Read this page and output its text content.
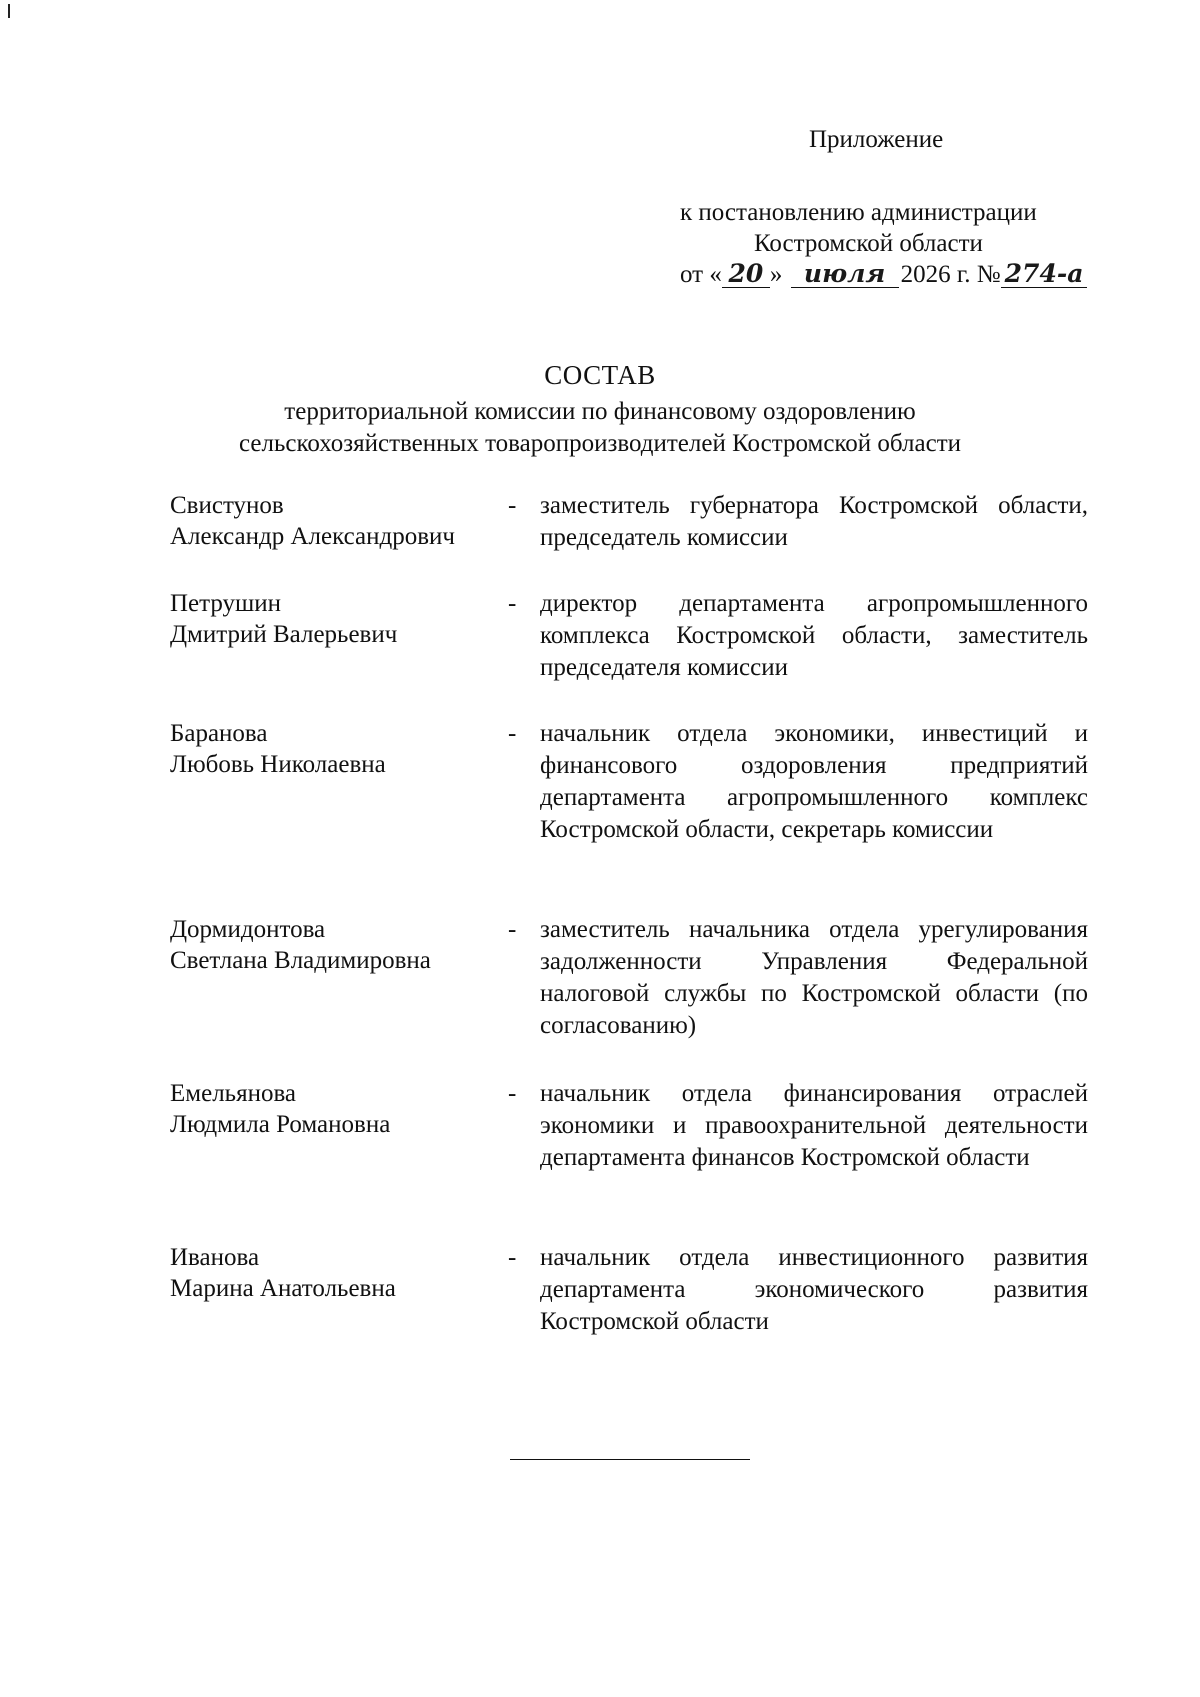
Приложение
к постановлению администрации
Костромской области
от « 20 » июля 2026 г. № 274-а
СОСТАВ
территориальной комиссии по финансовому оздоровлению
сельскохозяйственных товаропроизводителей Костромской области
Свистунов
Александр Александрович
- заместитель губернатора Костромской области, председатель комиссии
Петрушин
Дмитрий Валерьевич
- директор департамента агропромышленного комплекса Костромской области, заместитель председателя комиссии
Баранова
Любовь Николаевна
- начальник отдела экономики, инвестиций и финансового оздоровления предприятий департамента агропромышленного комплекс Костромской области, секретарь комиссии
Дормидонтова
Светлана Владимировна
- заместитель начальника отдела урегулирования задолженности Управления Федеральной налоговой службы по Костромской области (по согласованию)
Емельянова
Людмила Романовна
- начальник отдела финансирования отраслей экономики и правоохранительной деятельности департамента финансов Костромской области
Иванова
Марина Анатольевна
- начальник отдела инвестиционного развития департамента экономического развития Костромской области
